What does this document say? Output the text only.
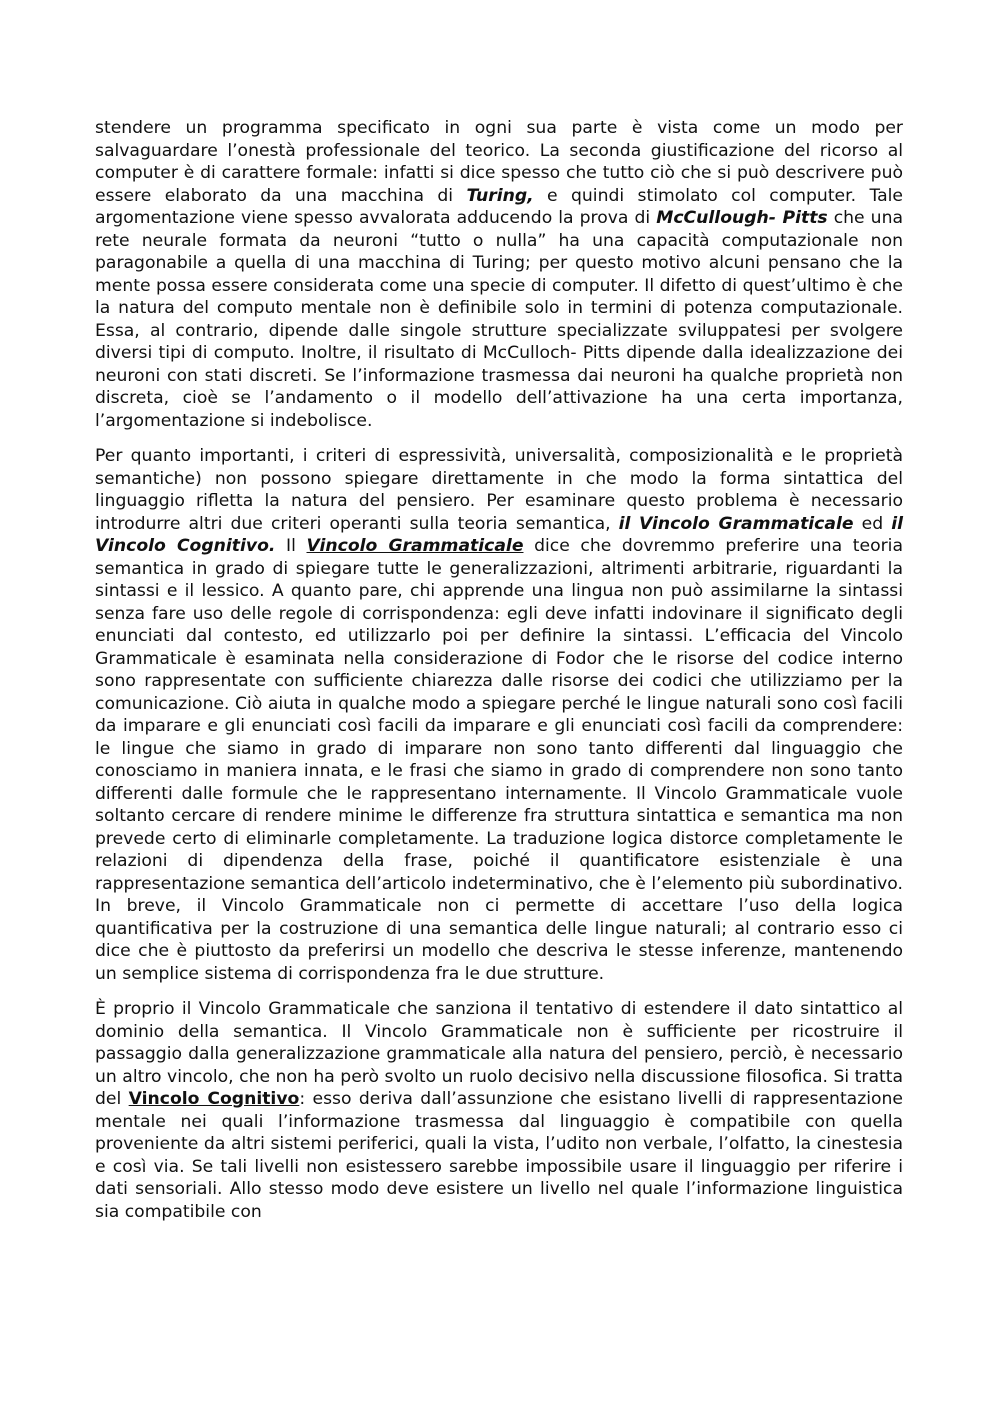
stendere un programma specificato in ogni sua parte è vista come un modo per salvaguardare l’onestà professionale del teorico. La seconda giustificazione del ricorso al computer è di carattere formale: infatti si dice spesso che tutto ciò che si può descrivere può essere elaborato da una macchina di Turing, e quindi stimolato col computer. Tale argomentazione viene spesso avvalorata adducendo la prova di McCullough- Pitts che una rete neurale formata da neuroni “tutto o nulla” ha una capacità computazionale non paragonabile a quella di una macchina di Turing; per questo motivo alcuni pensano che la mente possa essere considerata come una specie di computer. Il difetto di quest’ultimo è che la natura del computo mentale non è definibile solo in termini di potenza computazionale. Essa, al contrario, dipende dalle singole strutture specializzate sviluppatesi per svolgere diversi tipi di computo. Inoltre, il risultato di McCulloch- Pitts dipende dalla idealizzazione dei neuroni con stati discreti. Se l’informazione trasmessa dai neuroni ha qualche proprietà non discreta, cioè se l’andamento o il modello dell’attivazione ha una certa importanza, l’argomentazione si indebolisce.

Per quanto importanti, i criteri di espressività, universalità, composizionalità e le proprietà semantiche) non possono spiegare direttamente in che modo la forma sintattica del linguaggio rifletta la natura del pensiero. Per esaminare questo problema è necessario introdurre altri due criteri operanti sulla teoria semantica, il Vincolo Grammaticale ed il Vincolo Cognitivo. Il Vincolo Grammaticale dice che dovremmo preferire una teoria semantica in grado di spiegare tutte le generalizzazioni, altrimenti arbitrarie, riguardanti la sintassi e il lessico. A quanto pare, chi apprende una lingua non può assimilarne la sintassi senza fare uso delle regole di corrispondenza: egli deve infatti indovinare il significato degli enunciati dal contesto, ed utilizzarlo poi per definire la sintassi. L’efficacia del Vincolo Grammaticale è esaminata nella considerazione di Fodor che le risorse del codice interno sono rappresentate con sufficiente chiarezza dalle risorse dei codici che utilizziamo per la comunicazione. Ciò aiuta in qualche modo a spiegare perché le lingue naturali sono così facili da imparare e gli enunciati così facili da imparare e gli enunciati così facili da comprendere: le lingue che siamo in grado di imparare non sono tanto differenti dal linguaggio che conosciamo in maniera innata, e le frasi che siamo in grado di comprendere non sono tanto differenti dalle formule che le rappresentano internamente. Il Vincolo Grammaticale vuole soltanto cercare di rendere minime le differenze fra struttura sintattica e semantica ma non prevede certo di eliminarle completamente. La traduzione logica distorce completamente le relazioni di dipendenza della frase, poiché il quantificatore esistenziale è una rappresentazione semantica dell’articolo indeterminativo, che è l’elemento più subordinativo. In breve, il Vincolo Grammaticale non ci permette di accettare l’uso della logica quantificativa per la costruzione di una semantica delle lingue naturali; al contrario esso ci dice che è piuttosto da preferirsi un modello che descriva le stesse inferenze, mantenendo un semplice sistema di corrispondenza fra le due strutture.

È proprio il Vincolo Grammaticale che sanziona il tentativo di estendere il dato sintattico al dominio della semantica. Il Vincolo Grammaticale non è sufficiente per ricostruire il passaggio dalla generalizzazione grammaticale alla natura del pensiero, perciò, è necessario un altro vincolo, che non ha però svolto un ruolo decisivo nella discussione filosofica. Si tratta del Vincolo Cognitivo: esso deriva dall’assunzione che esistano livelli di rappresentazione mentale nei quali l’informazione trasmessa dal linguaggio è compatibile con quella proveniente da altri sistemi periferici, quali la vista, l’udito non verbale, l’olfatto, la cinestesia e così via. Se tali livelli non esistessero sarebbe impossibile usare il linguaggio per riferire i dati sensoriali. Allo stesso modo deve esistere un livello nel quale l’informazione linguistica sia compatibile con
